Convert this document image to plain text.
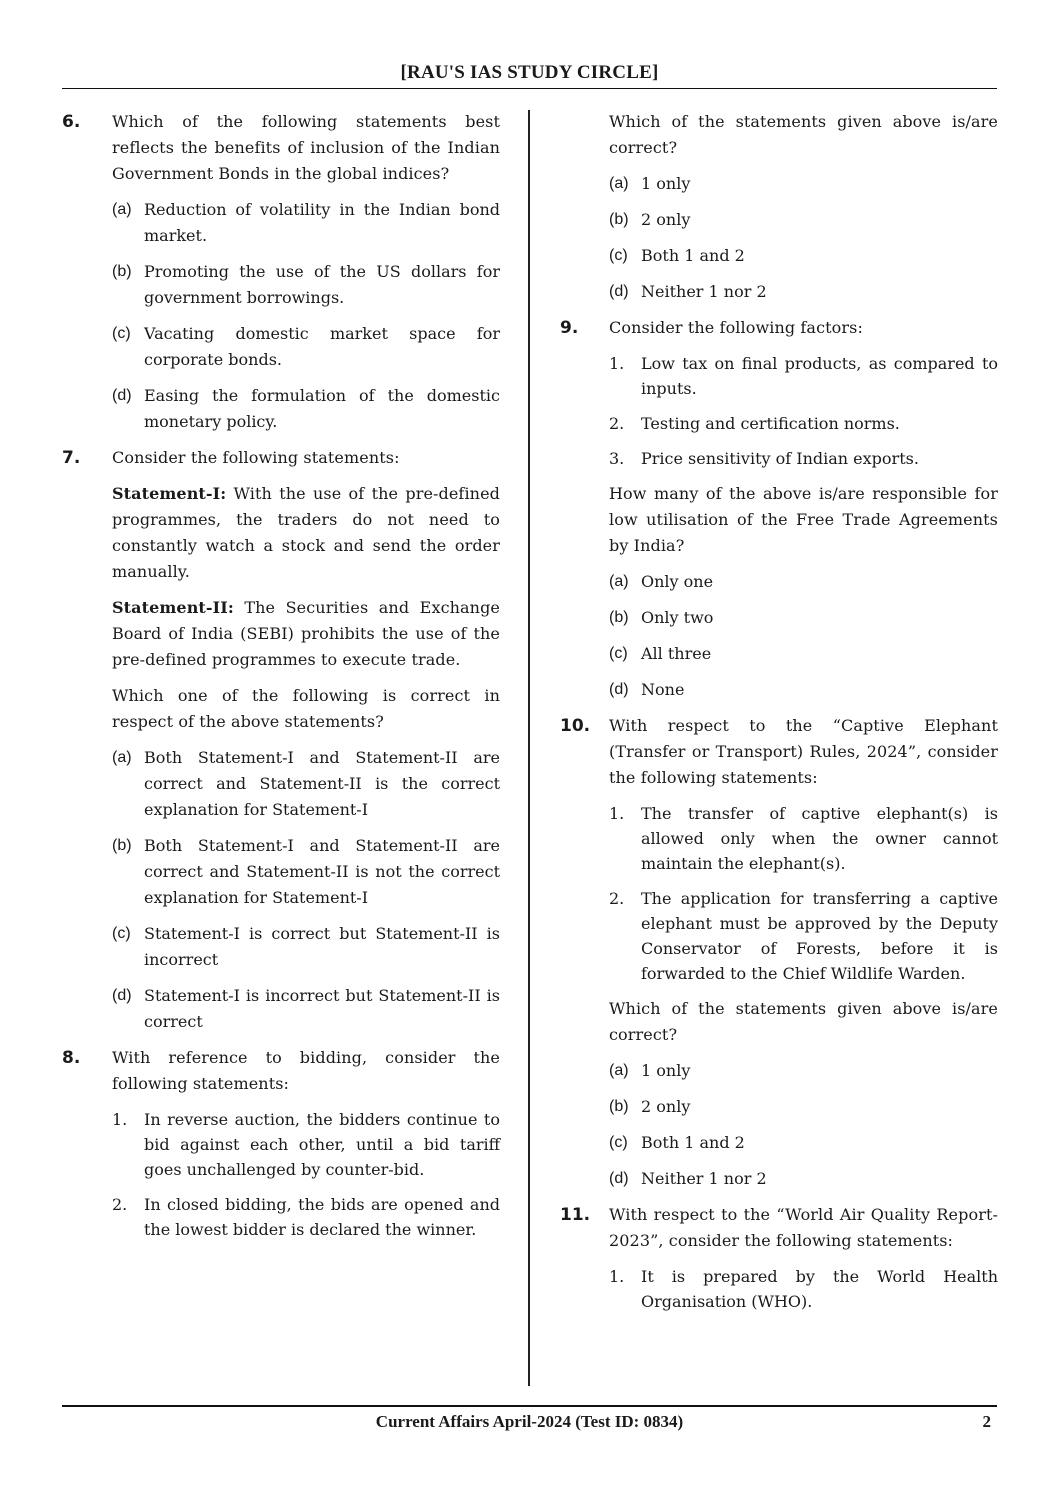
[RAU'S IAS STUDY CIRCLE]
6. Which of the following statements best reflects the benefits of inclusion of the Indian Government Bonds in the global indices?

(a) Reduction of volatility in the Indian bond market.
(b) Promoting the use of the US dollars for government borrowings.
(c) Vacating domestic market space for corporate bonds.
(d) Easing the formulation of the domestic monetary policy.
7. Consider the following statements:

Statement-I: With the use of the pre-defined programmes, the traders do not need to constantly watch a stock and send the order manually.

Statement-II: The Securities and Exchange Board of India (SEBI) prohibits the use of the pre-defined programmes to execute trade.

Which one of the following is correct in respect of the above statements?

(a) Both Statement-I and Statement-II are correct and Statement-II is the correct explanation for Statement-I
(b) Both Statement-I and Statement-II are correct and Statement-II is not the correct explanation for Statement-I
(c) Statement-I is correct but Statement-II is incorrect
(d) Statement-I is incorrect but Statement-II is correct
8. With reference to bidding, consider the following statements:

1. In reverse auction, the bidders continue to bid against each other, until a bid tariff goes unchallenged by counter-bid.
2. In closed bidding, the bids are opened and the lowest bidder is declared the winner.

Which of the statements given above is/are correct?

(a) 1 only
(b) 2 only
(c) Both 1 and 2
(d) Neither 1 nor 2
9. Consider the following factors:

1. Low tax on final products, as compared to inputs.
2. Testing and certification norms.
3. Price sensitivity of Indian exports.

How many of the above is/are responsible for low utilisation of the Free Trade Agreements by India?

(a) Only one
(b) Only two
(c) All three
(d) None
10. With respect to the “Captive Elephant (Transfer or Transport) Rules, 2024”, consider the following statements:

1. The transfer of captive elephant(s) is allowed only when the owner cannot maintain the elephant(s).
2. The application for transferring a captive elephant must be approved by the Deputy Conservator of Forests, before it is forwarded to the Chief Wildlife Warden.

Which of the statements given above is/are correct?

(a) 1 only
(b) 2 only
(c) Both 1 and 2
(d) Neither 1 nor 2
11. With respect to the “World Air Quality Report-2023”, consider the following statements:

1. It is prepared by the World Health Organisation (WHO).
Current Affairs April-2024 (Test ID: 0834)	2
